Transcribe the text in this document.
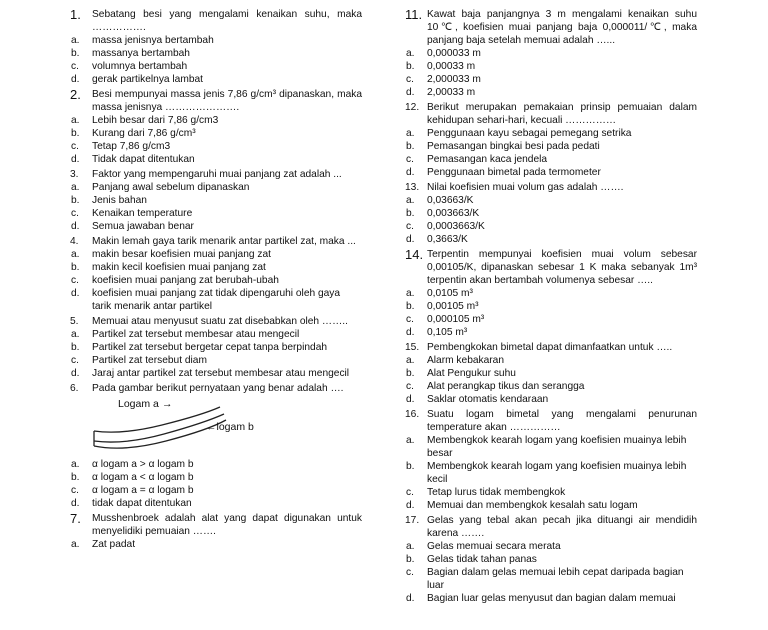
1.	Sebatang besi yang mengalami kenaikan suhu, maka …………….
a.	massa jenisnya bertambah
b.	massanya bertambah
c.	volumnya bertambah
d.	gerak partikelnya lambat
2.	Besi mempunyai massa jenis 7,86 g/cm³ dipanaskan, maka massa jenisnya ………………….
a.	Lebih besar dari 7,86 g/cm3
b.	Kurang dari 7,86 g/cm³
c.	Tetap 7,86 g/cm3
d.	Tidak dapat ditentukan
3.	Faktor yang mempengaruhi muai panjang zat adalah ...
a.	Panjang awal sebelum dipanaskan
b.	Jenis bahan
c.	Kenaikan temperature
d.	Semua jawaban benar
4.	Makin lemah gaya tarik menarik antar partikel zat, maka ...
a.	makin besar koefisien muai panjang zat
b.	makin kecil koefisien muai panjang zat
c.	koefisien muai panjang zat berubah-ubah
d.	koefisien muai panjang zat tidak dipengaruhi oleh gaya tarik menarik antar partikel
5.	Memuai atau menyusut suatu zat disebabkan oleh ……..
a.	Partikel zat tersebut membesar atau mengecil
b.	Partikel zat tersebut bergetar cepat tanpa berpindah
c.	Partikel zat tersebut diam
d.	Jaraj antar partikel zat tersebut membesar atau mengecil
6.	Pada gambar berikut pernyataan yang benar adalah ….
Logam a →
←logam b
a.	α logam a > α logam b
b.	α logam a < α logam b
c.	α logam a = α logam b
d.	tidak dapat ditentukan
7.	Musshenbroek adalah alat yang dapat digunakan untuk menyelidiki pemuaian …….
a.	Zat padat
11. Kawat baja panjangnya 3 m mengalami kenaikan suhu 10℃, koefisien muai panjang baja 0,000011/℃, maka panjang baja setelah memuai adalah …...
a.	0,000033 m
b.	0,00033 m
c.	2,000033 m
d.	2,00033 m
12. Berikut merupakan pemakaian prinsip pemuaian dalam kehidupan sehari-hari, kecuali ……………
a.	Penggunaan kayu sebagai pemegang setrika
b.	Pemasangan bingkai besi pada pedati
c.	Pemasangan kaca jendela
d.	Penggunaan bimetal pada termometer
13. Nilai koefisien muai volum gas adalah …….
a.	0,03663/K
b.	0,003663/K
c.	0,0003663/K
d.	0,3663/K
14. Terpentin mempunyai koefisien muai volum sebesar 0,00105/K, dipanaskan sebesar 1 K maka sebanyak 1m³ terpentin akan bertambah volumenya sebesar …..
a.	0,0105 m³
b.	0,00105 m³
c.	0,000105 m³
d.	0,105 m³
15. Pembengkokan bimetal dapat dimanfaatkan untuk …..
a.	Alarm kebakaran
b.	Alat Pengukur suhu
c.	Alat perangkap tikus dan serangga
d.	Saklar otomatis kendaraan
16. Suatu logam bimetal yang mengalami penurunan temperature akan ……………
a.	Membengkok kearah logam yang koefisien muainya lebih besar
b.	Membengkok kearah logam yang koefisien muainya lebih kecil
c.	Tetap lurus tidak membengkok
d.	Memuai dan membengkok kesalah satu logam
17. Gelas yang tebal akan pecah jika dituangi air mendidih karena …….
a.	Gelas memuai secara merata
b.	Gelas tidak tahan panas
c.	Bagian dalam gelas memuai lebih cepat daripada bagian luar
d.	Bagian luar gelas menyusut dan bagian dalam memuai
